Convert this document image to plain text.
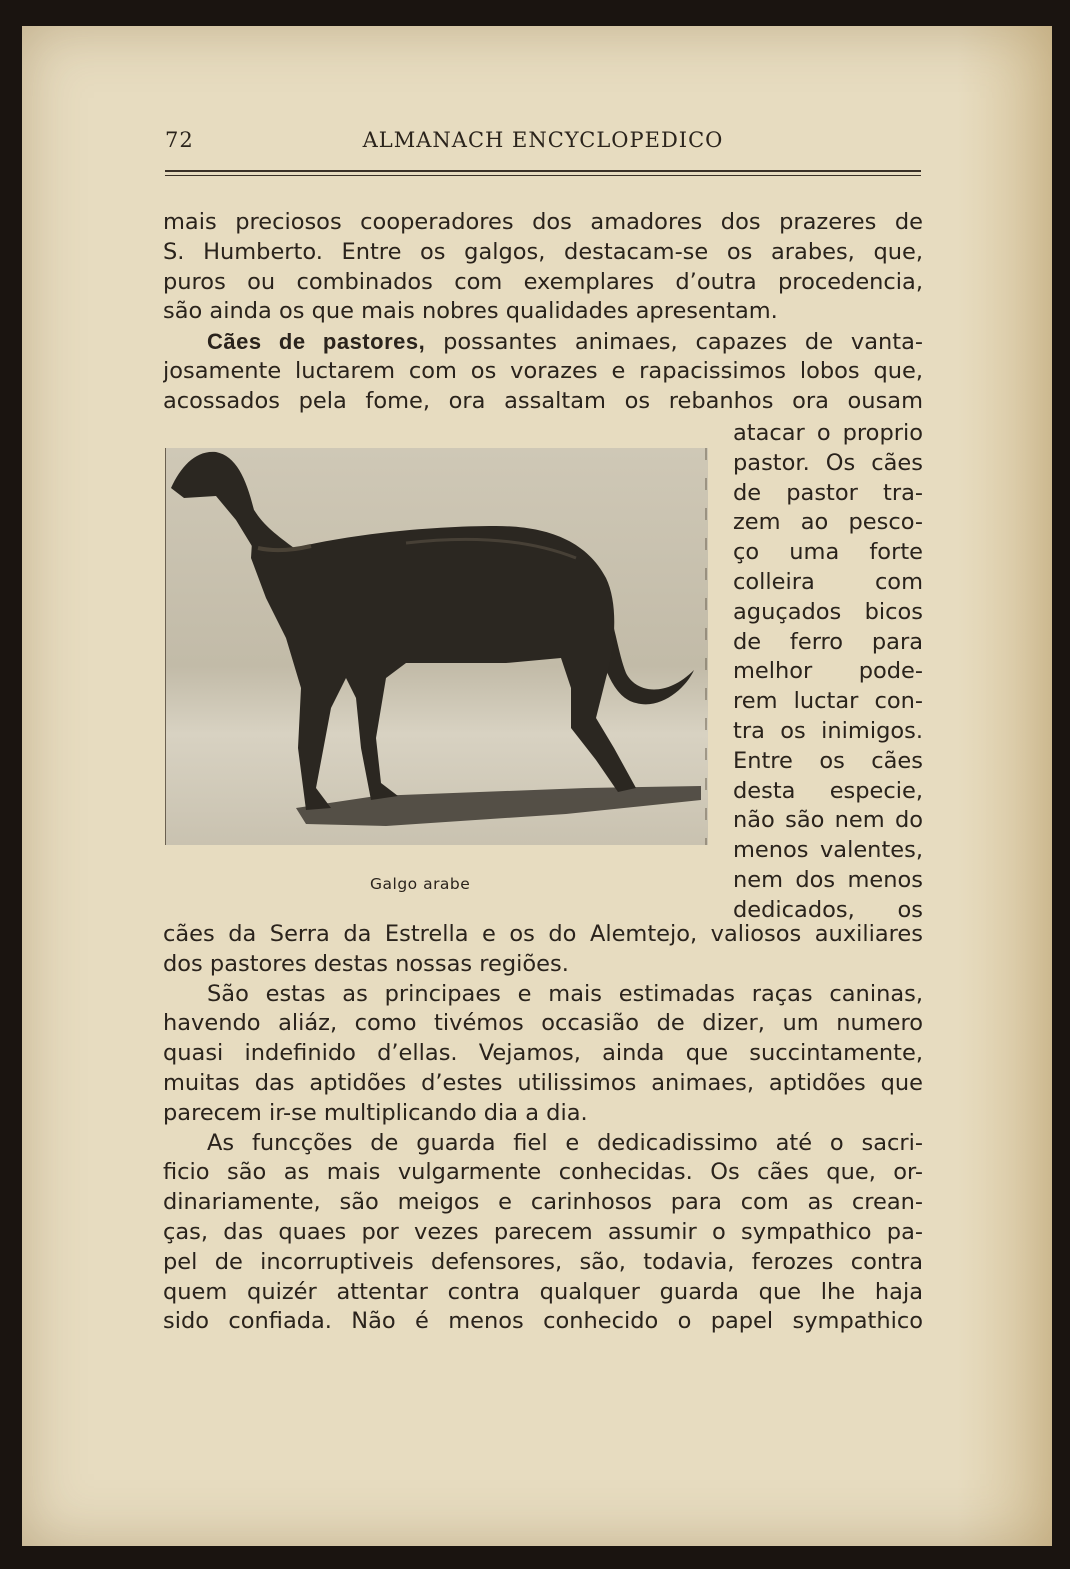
72	ALMANACH ENCYCLOPEDICO
mais preciosos cooperadores dos amadores dos prazeres de
S. Humberto. Entre os galgos, destacam-se os arabes, que,
puros ou combinados com exemplares d’outra procedencia,
são ainda os que mais nobres qualidades apresentam.
Cães de pastores, possantes animaes, capazes de vanta-
josamente luctarem com os vorazes e rapacissimos lobos que,
acossados pela fome, ora assaltam os rebanhos ora ousam
atacar o proprio
pastor. Os cães
de pastor tra-
zem ao pesco-
ço uma forte
colleira com
aguçados bicos
de ferro para
melhor pode-
rem luctar con-
tra os inimigos.
Entre os cães
desta especie,
não são nem do
menos valentes,
nem dos menos
dedicados, os
Galgo arabe
cães da Serra da Estrella e os do Alemtejo, valiosos auxiliares
dos pastores destas nossas regiões.
São estas as principaes e mais estimadas raças caninas,
havendo aliáz, como tivémos occasião de dizer, um numero
quasi indefinido d’ellas. Vejamos, ainda que succintamente,
muitas das aptidões d’estes utilissimos animaes, aptidões que
parecem ir-se multiplicando dia a dia.
As funcções de guarda fiel e dedicadissimo até o sacri-
ficio são as mais vulgarmente conhecidas. Os cães que, or-
dinariamente, são meigos e carinhosos para com as crean-
ças, das quaes por vezes parecem assumir o sympathico pa-
pel de incorruptiveis defensores, são, todavia, ferozes contra
quem quizér attentar contra qualquer guarda que lhe haja
sido confiada. Não é menos conhecido o papel sympathico
